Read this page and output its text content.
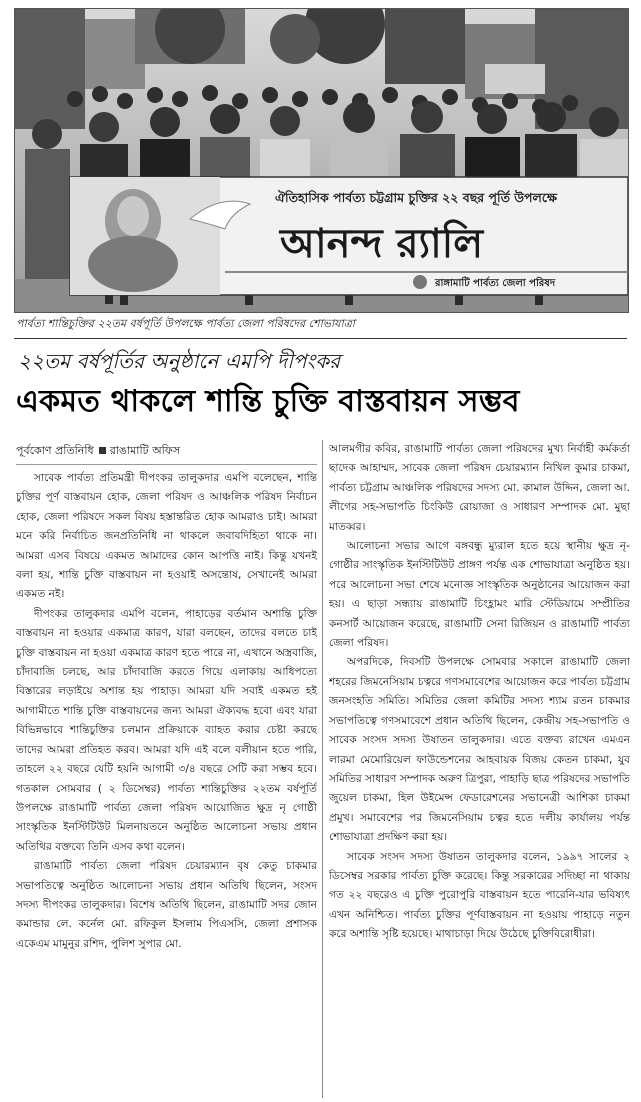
ঐতিহাসিক পার্বত্য চট্টগ্রাম চুক্তির ২২ বছর পূর্তি উপলক্ষে
আনন্দ র‍্যালি
রাঙ্গামাটি পার্বত্য জেলা পরিষদ
পার্বত্য শান্তিচুক্তির ২২তম বর্ষপূর্তি উপলক্ষে পার্বত্য জেলা পরিষদের শোভাযাত্রা
২২তম বর্ষপূর্তির অনুষ্ঠানে এমপি দীপংকর
একমত থাকলে শান্তি চুক্তি বাস্তবায়ন সম্ভব
পূর্বকোণ প্রতিনিধি রাঙামাটি অফিস

সাবেক পার্বত্য প্রতিমন্ত্রী দীপংকর তালুকদার এমপি বলেছেন, শান্তি চুক্তির পূর্ণ বাস্তবায়ন হোক, জেলা পরিষদ ও আঞ্চলিক পরিষদ নির্বাচন হোক, জেলা পরিষদে সকল বিষয় হস্তান্তরিত হোক আমরাও চাই। আমরা মনে করি নির্বাচিত জনপ্রতিনিধি না থাকলে জবাবদিহিতা থাকে না। আমরা এসব বিষয়ে একমত আমাদের কোন আপত্তি নাই। কিন্তু যখনই বলা হয়, শান্তি চুক্তি বাস্তবায়ন না হওয়াই অসন্তোষ, সেখানেই আমরা একমত নই।

দীপংকর তালুকদার এমপি বলেন, পাহাড়ের বর্তমান অশান্তি চুক্তি বাস্তবায়ন না হওয়ার একমাত্র কারণ, যারা বলছেন, তাদের বলতে চাই চুক্তি বাস্তবায়ন না হওয়া একমাত্র কারণ হতে পারে না, এখানে অস্ত্রবাজি, চাঁদাবাজি চলছে, আর চাঁদাবাজি করতে গিয়ে এলাকায় আধিপত্যে বিস্তারের লড়াইয়ে অশান্ত হয় পাহাড়। আমরা যদি সবাই একমত হই আগামীতে শান্তি চুক্তি বাস্তবায়নের জন্য আমরা ঐক্যবদ্ধ হবো এবং যারা বিভিন্নভাবে শান্তিচুক্তির চলমান প্রক্রিয়াকে ব্যাহত করার চেষ্টা করছে তাদের আমরা প্রতিহত করব। আমরা যদি এই বলে বলীয়ান হতে পারি, তাহলে ২২ বছরে যেটি হয়নি আগামী ৩/৪ বছরে সেটি করা সম্ভব হবে। গতকাল সোমবার ( ২ ডিসেম্বর) পার্বত্য শান্তিচুক্তির ২২তম বর্ষপূর্তি উপলক্ষে রাঙামাটি পার্বত্য জেলা পরিষদ আয়োজিত ক্ষুদ্র নৃ গোষ্ঠী সাংস্কৃতিক ইনস্টিটিউট মিলনায়তনে অনুষ্ঠিত আলোচনা সভায় প্রধান অতিথির বক্তব্যে তিনি এসব কথা বলেন।

রাঙামাটি পার্বত্য জেলা পরিষদ চেয়ারম্যান বৃষ কেতু চাকমার সভাপতিত্বে অনুষ্ঠিত আলোচনা সভায় প্রধান অতিথি ছিলেন, সংসদ সদস্য দীপংকর তালুকদার। বিশেষ অতিথি ছিলেন, রাঙামাটি সদর জোন কমান্ডার লে. কর্নেল মো. রফিকুল ইসলাম পিএসসি, জেলা প্রশাসক একেএম মামুনুর রশিদ, পুলিশ সুপার মো.

আলমগীর কবির, রাঙামাটি পার্বত্য জেলা পরিষদের মুখ্য নির্বাহী কর্মকর্তা ছাদেক আহাম্মদ, সাবেক জেলা পরিষদ চেয়ারম্যান নিখিল কুমার চাকমা, পার্বত্য চট্টগ্রাম আঞ্চলিক পরিষদের সদস্য মো. কামাল উদ্দিন, জেলা আ. লীগের সহ-সভাপতি চিংকিউ রোয়াজা ও সাধারণ সম্পাদক মো. মুছা মাতব্বর।

আলোচনা সভার আগে বঙ্গবন্ধু ম্যুরাল হতে হয়ে স্থানীয় ক্ষুদ্র নৃ-গোষ্ঠীর সাংস্কৃতিক ইনস্টিটিউট প্রাঙ্গণ পর্যন্ত এক শোভাযাত্রা অনুষ্ঠিত হয়। পরে আলোচনা সভা শেষে মনোজ্ঞ সাংস্কৃতিক অনুষ্ঠানের আয়োজন করা হয়। এ ছাড়া সন্ধ্যায় রাঙামাটি চিংহ্লামং মারি স্টেডিয়ামে সম্প্রীতির কনসার্ট আয়োজন করেছে, রাঙামাটি সেনা রিজিয়ন ও রাঙামাটি পার্বত্য জেলা পরিষদ।

অপরদিকে, দিবসটি উপলক্ষে সোমবার সকালে রাঙামাটি জেলা শহরের জিমনেসিয়াম চত্বরে গণসমাবেশের আয়োজন করে পার্বত্য চট্টগ্রাম জনসংহতি সমিতি। সমিতির জেলা কমিটির সদস্য শ্যাম রতন চাকমার সভাপতিত্বে গণসমাবেশে প্রধান অতিথি ছিলেন, কেন্দ্রীয় সহ-সভাপতি ও সাবেক সংসদ সদস্য উষাতন তালুকদার। এতে বক্তব্য রাখেন এমএন লারমা মেমোরিয়েল ফাউন্ডেশনের আহবায়ক বিজয় কেতন চাকমা, যুব সমিতির সাধারণ সম্পাদক অরুণ ত্রিপুরা, পাহাড়ি ছাত্র পরিষদের সভাপতি জুয়েল চাকমা, হিল উইমেন্স ফেডারেশনের সভানেত্রী আশিকা চাকমা প্রমুখ। সমাবেশের পর জিমনেসিয়াম চত্বর হতে দলীয় কার্যালয় পর্যন্ত শোভাযাত্রা প্রদক্ষিণ করা হয়।

সাবেক সংসদ সদস্য উষাতন তালুকদার বলেন, ১৯৯৭ সালের ২ ডিসেম্বর সরকার পার্বত্য চুক্তি করেছে। কিন্তু সরকারের সদিচ্ছা না থাকায় গত ২২ বছরেও এ চুক্তি পুরোপুরি বাস্তবায়ন হতে পারেনি-যার ভবিষ্যৎ এখন অনিশ্চিত। পার্বত্য চুক্তির পূর্ণবাস্তবায়ন না হওয়ায় পাহাড়ে নতুন করে অশান্তি সৃষ্টি হয়েছে। মাথাচাড়া দিয়ে উঠেছে চুক্তিবিরোধীরা।
